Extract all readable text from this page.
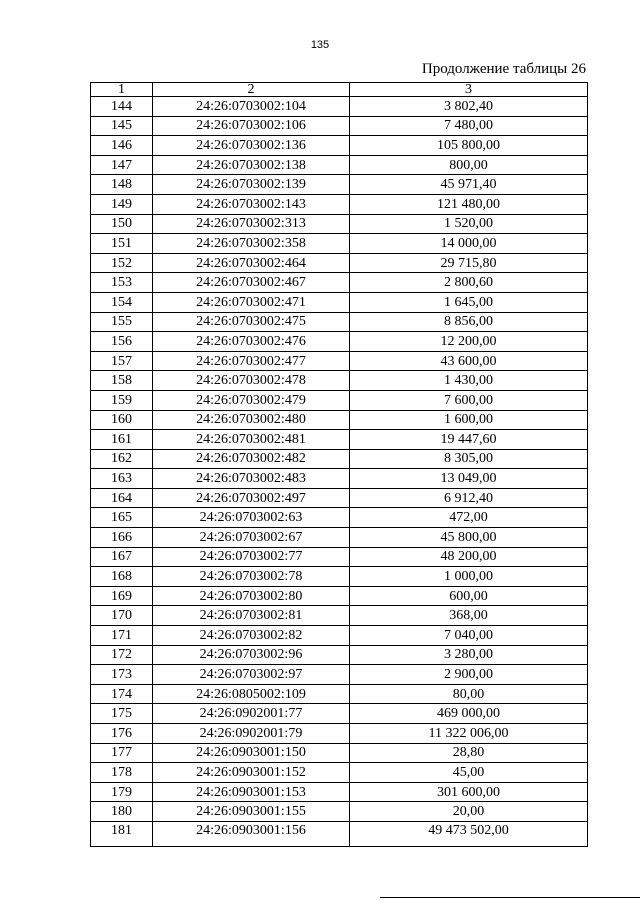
135
Продолжение таблицы 26
1	2	3
144	24:26:0703002:104	3 802,40
145	24:26:0703002:106	7 480,00
146	24:26:0703002:136	105 800,00
147	24:26:0703002:138	800,00
148	24:26:0703002:139	45 971,40
149	24:26:0703002:143	121 480,00
150	24:26:0703002:313	1 520,00
151	24:26:0703002:358	14 000,00
152	24:26:0703002:464	29 715,80
153	24:26:0703002:467	2 800,60
154	24:26:0703002:471	1 645,00
155	24:26:0703002:475	8 856,00
156	24:26:0703002:476	12 200,00
157	24:26:0703002:477	43 600,00
158	24:26:0703002:478	1 430,00
159	24:26:0703002:479	7 600,00
160	24:26:0703002:480	1 600,00
161	24:26:0703002:481	19 447,60
162	24:26:0703002:482	8 305,00
163	24:26:0703002:483	13 049,00
164	24:26:0703002:497	6 912,40
165	24:26:0703002:63	472,00
166	24:26:0703002:67	45 800,00
167	24:26:0703002:77	48 200,00
168	24:26:0703002:78	1 000,00
169	24:26:0703002:80	600,00
170	24:26:0703002:81	368,00
171	24:26:0703002:82	7 040,00
172	24:26:0703002:96	3 280,00
173	24:26:0703002:97	2 900,00
174	24:26:0805002:109	80,00
175	24:26:0902001:77	469 000,00
176	24:26:0902001:79	11 322 006,00
177	24:26:0903001:150	28,80
178	24:26:0903001:152	45,00
179	24:26:0903001:153	301 600,00
180	24:26:0903001:155	20,00
181	24:26:0903001:156	49 473 502,00
